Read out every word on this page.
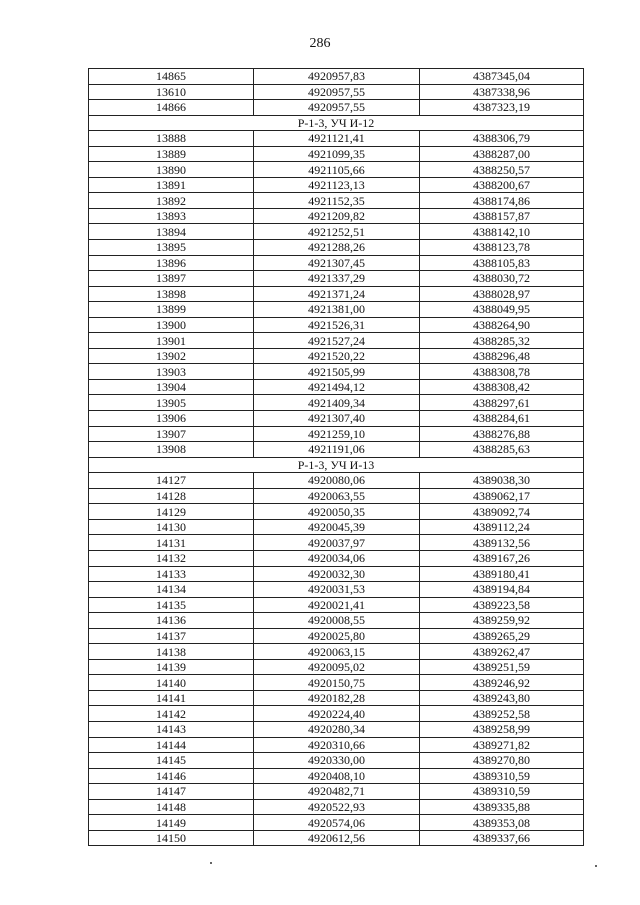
286
14865	4920957,83	4387345,04
13610	4920957,55	4387338,96
14866	4920957,55	4387323,19
Р-1-3, УЧ И-12		
13888	4921121,41	4388306,79
13889	4921099,35	4388287,00
13890	4921105,66	4388250,57
13891	4921123,13	4388200,67
13892	4921152,35	4388174,86
13893	4921209,82	4388157,87
13894	4921252,51	4388142,10
13895	4921288,26	4388123,78
13896	4921307,45	4388105,83
13897	4921337,29	4388030,72
13898	4921371,24	4388028,97
13899	4921381,00	4388049,95
13900	4921526,31	4388264,90
13901	4921527,24	4388285,32
13902	4921520,22	4388296,48
13903	4921505,99	4388308,78
13904	4921494,12	4388308,42
13905	4921409,34	4388297,61
13906	4921307,40	4388284,61
13907	4921259,10	4388276,88
13908	4921191,06	4388285,63
Р-1-3, УЧ И-13		
14127	4920080,06	4389038,30
14128	4920063,55	4389062,17
14129	4920050,35	4389092,74
14130	4920045,39	4389112,24
14131	4920037,97	4389132,56
14132	4920034,06	4389167,26
14133	4920032,30	4389180,41
14134	4920031,53	4389194,84
14135	4920021,41	4389223,58
14136	4920008,55	4389259,92
14137	4920025,80	4389265,29
14138	4920063,15	4389262,47
14139	4920095,02	4389251,59
14140	4920150,75	4389246,92
14141	4920182,28	4389243,80
14142	4920224,40	4389252,58
14143	4920280,34	4389258,99
14144	4920310,66	4389271,82
14145	4920330,00	4389270,80
14146	4920408,10	4389310,59
14147	4920482,71	4389310,59
14148	4920522,93	4389335,88
14149	4920574,06	4389353,08
14150	4920612,56	4389337,66
